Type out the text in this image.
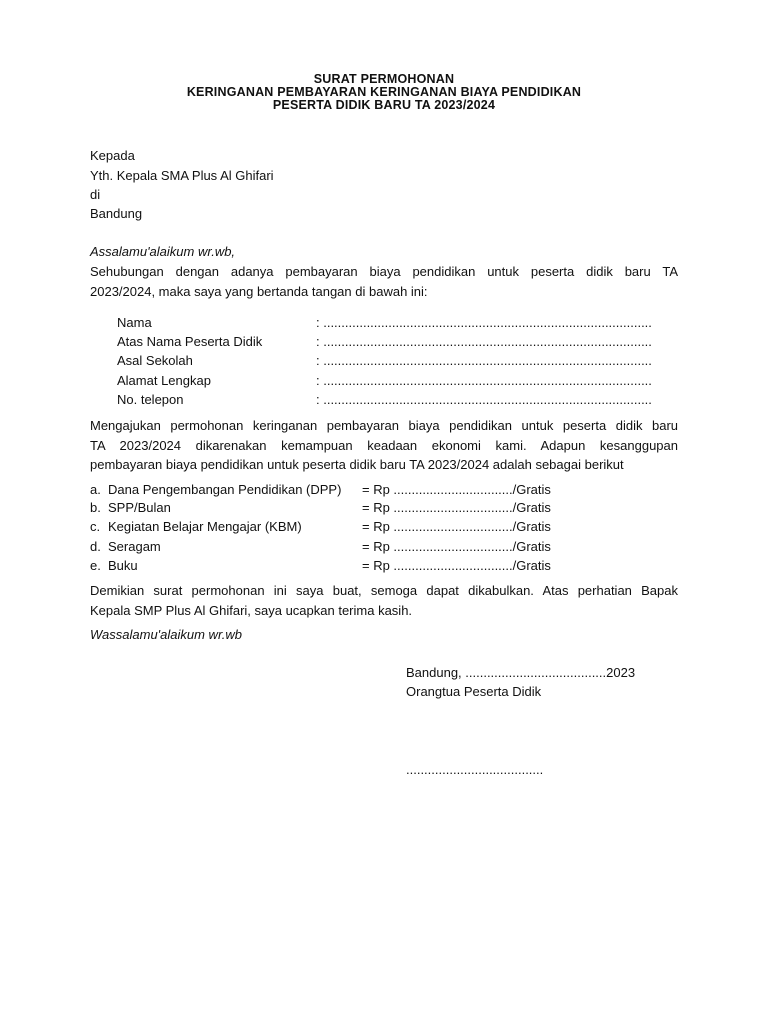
SURAT PERMOHONAN
KERINGANAN PEMBAYARAN KERINGANAN BIAYA PENDIDIKAN
PESERTA DIDIK BARU TA 2023/2024
Kepada
Yth. Kepala SMA Plus Al Ghifari
di
Bandung
Assalamu'alaikum wr.wb,
Sehubungan dengan adanya pembayaran biaya pendidikan untuk peserta didik baru TA
2023/2024, maka saya yang bertanda tangan di bawah ini:
Nama	: ...........................................................................................
Atas Nama Peserta Didik	: ...........................................................................................
Asal Sekolah	: ...........................................................................................
Alamat Lengkap	: ...........................................................................................
No. telepon	: ...........................................................................................
Mengajukan permohonan keringanan pembayaran biaya pendidikan untuk peserta didik baru
TA 2023/2024 dikarenakan kemampuan keadaan ekonomi kami. Adapun kesanggupan
pembayaran biaya pendidikan untuk peserta didik baru TA 2023/2024 adalah sebagai berikut
a. Dana Pengembangan Pendidikan (DPP) = Rp ................................./Gratis
b. SPP/Bulan	= Rp ................................./Gratis
c. Kegiatan Belajar Mengajar (KBM)	= Rp ................................./Gratis
d. Seragam	= Rp ................................./Gratis
e. Buku	= Rp ................................./Gratis
Demikian surat permohonan ini saya buat, semoga dapat dikabulkan. Atas perhatian Bapak
Kepala SMP Plus Al Ghifari, saya ucapkan terima kasih.
Wassalamu'alaikum wr.wb
Bandung, .......................................2023
Orangtua Peserta Didik
......................................
